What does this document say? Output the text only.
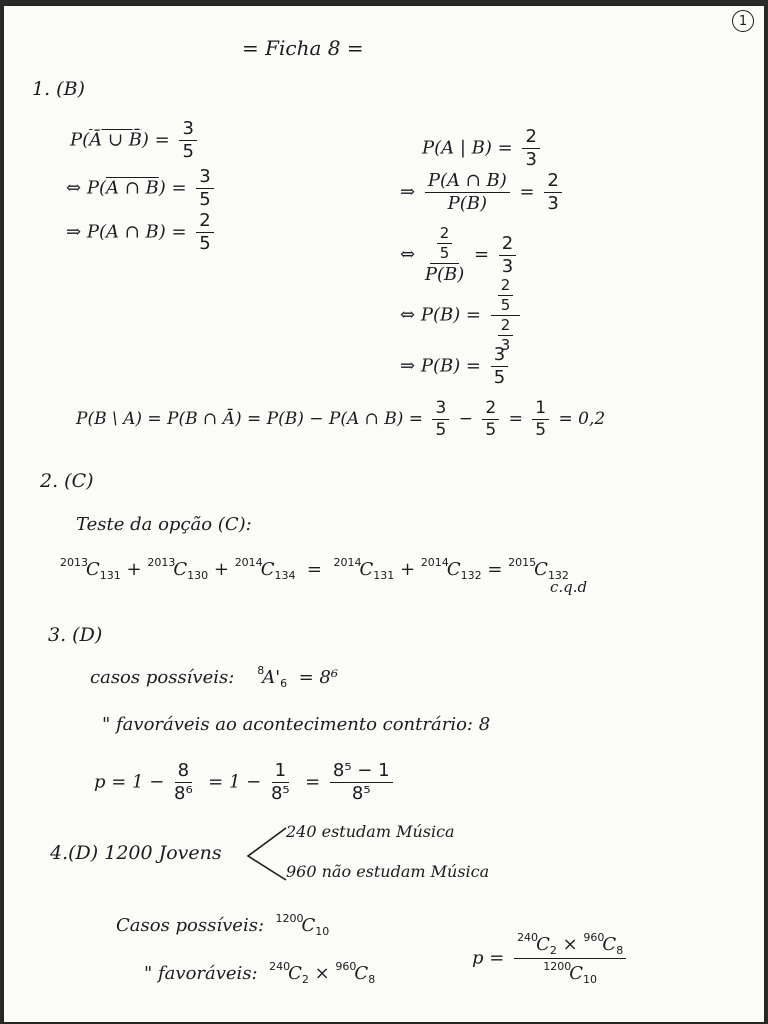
1
= Ficha 8 =
1. (B)
P(Ā ∪ B̄) = $\frac{3}{5}$
⇔ P(A ∩ $B) = \frac{3}{5}$
⇒ P(A ∩ $B) = \frac{2}{5}$
P(A | $B) = \frac{2}{3}$
⇒ $\frac{P(A \cap B)}{P(B)} = \frac{2}{3}$
⇔ $\frac{\frac{2}{5}}{P(B)} = \frac{2}{3}$
⇔ $P(B) = \frac{\frac{2}{5}}{\frac{2}{3}}$
⇒ $P(B) = \frac{3}{5}$
P(B \ A) = P(B ∩ Ā) = P(B) − P(A ∩ $B) = \frac{3}{5} - \frac{2}{5} = \frac{1}{5} = 0,2$
2. (C)
Teste da opção (C):
$^{2013}C_{131} + ^{2013}C_{130} + ^{2014}C_{134} = ^{2014}C_{131} + ^{2014}C_{132} = ^{2015}C_{132}$
c.q.d
3. (D)
casos possíveis: $^8A'_6 = 8^6$
" favoráveis ao acontecimento contrário: 8
$p = 1 - \frac{8}{\text{8⁶}} = 1 - \frac{1}{\text{8⁵}} = \frac{\text{8⁵ − 1}}{\text{8⁵}}$
4.(D) 1200 Jovens
240 estudam Música
960 não estudam Música
Casos possíveis: $^{1200}C_{10}$
" favoráveis: $^{240}C_2 \times ^{960}C_8$
$p = \frac{^{240}C_2 \times ^{960}C_8}{^{1200}C_{10}}$
